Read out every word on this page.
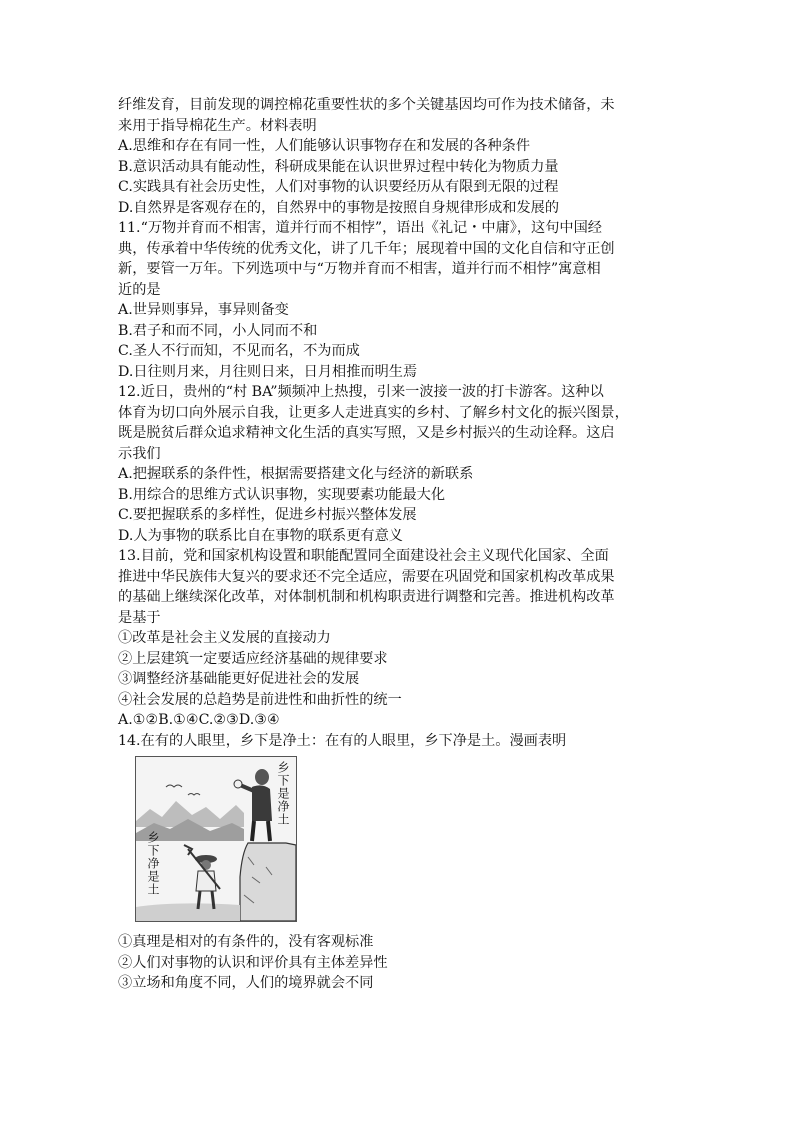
纤维发育，目前发现的调控棉花重要性状的多个关键基因均可作为技术储备，未
来用于指导棉花生产。材料表明
A.思维和存在有同一性，人们能够认识事物存在和发展的各种条件
B.意识活动具有能动性，科研成果能在认识世界过程中转化为物质力量
C.实践具有社会历史性，人们对事物的认识要经历从有限到无限的过程
D.自然界是客观存在的，自然界中的事物是按照自身规律形成和发展的
11.“万物并育而不相害，道并行而不相悖”，语出《礼记・中庸》，这句中国经
典，传承着中华传统的优秀文化，讲了几千年；展现着中国的文化自信和守正创
新，要管一万年。下列选项中与“万物并育而不相害，道并行而不相悖”寓意相
近的是
A.世异则事异，事异则备变
B.君子和而不同，小人同而不和
C.圣人不行而知，不见而名，不为而成
D.日往则月来，月往则日来，日月相推而明生焉
12.近日，贵州的“村 BA”频频冲上热搜，引来一波接一波的打卡游客。这种以
体育为切口向外展示自我，让更多人走进真实的乡村、了解乡村文化的振兴图景，
既是脱贫后群众追求精神文化生活的真实写照，又是乡村振兴的生动诠释。这启
示我们
A.把握联系的条件性，根据需要搭建文化与经济的新联系
B.用综合的思维方式认识事物，实现要素功能最大化
C.要把握联系的多样性，促进乡村振兴整体发展
D.人为事物的联系比自在事物的联系更有意义
13.目前，党和国家机构设置和职能配置同全面建设社会主义现代化国家、全面
推进中华民族伟大复兴的要求还不完全适应，需要在巩固党和国家机构改革成果
的基础上继续深化改革，对体制机制和机构职责进行调整和完善。推进机构改革
是基于
①改革是社会主义发展的直接动力
②上层建筑一定要适应经济基础的规律要求
③调整经济基础能更好促进社会的发展
④社会发展的总趋势是前进性和曲折性的统一
A.①②B.①④C.②③D.③④
14.在有的人眼里，乡下是净土：在有的人眼里，乡下净是土。漫画表明
乡下是净土
乡下净是土
①真理是相对的有条件的，没有客观标准
②人们对事物的认识和评价具有主体差异性
③立场和角度不同，人们的境界就会不同
